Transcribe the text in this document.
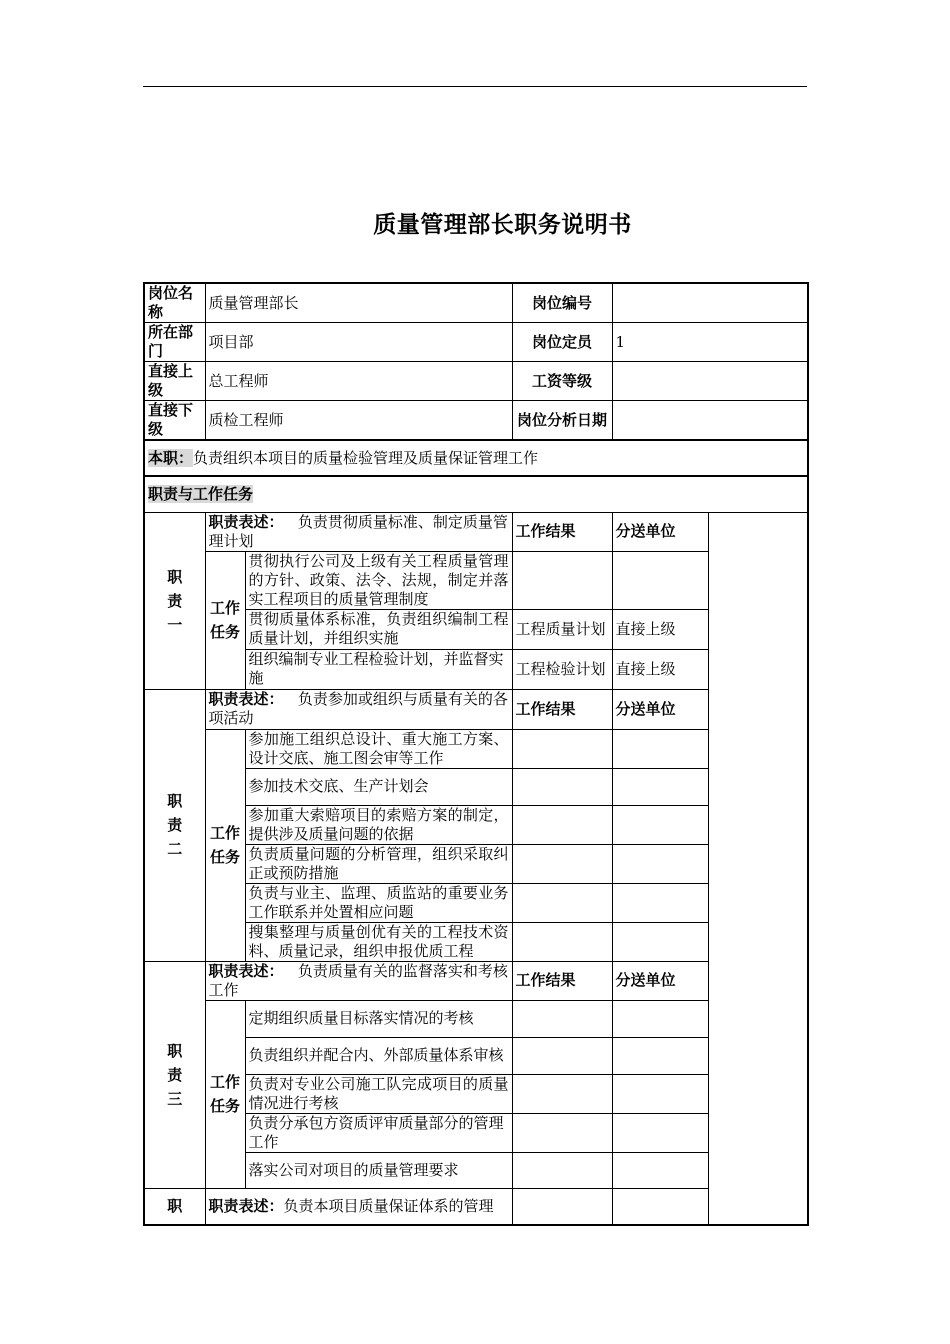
质量管理部长职务说明书
岗位名称	质量管理部长		岗位编号	
所在部门	项目部		岗位定员	1
直接上级	总工程师		工资等级	
直接下级	质检工程师		岗位分析日期	
本职：负责组织本项目的质量检验管理及质量保证管理工作				
职责与工作任务				

职
责
一	职责表述： 负责贯彻质量标准、制定质量管理计划		工作结果	分送单位

	工作
任务	贯彻执行公司及上级有关工程质量管理的方针、政策、法令、法规，制定并落实工程项目的质量管理制度		
		贯彻质量体系标准，负责组织编制工程质量计划，并组织实施	工程质量计划	直接上级
		组织编制专业工程检验计划，并监督实施	工程检验计划	直接上级

职
责
二	职责表述： 负责参加或组织与质量有关的各项活动		工作结果	分送单位

	工作
任务	参加施工组织总设计、重大施工方案、设计交底、施工图会审等工作		
		参加技术交底、生产计划会		
		参加重大索赔项目的索赔方案的制定，提供涉及质量问题的依据		
		负责质量问题的分析管理，组织采取纠正或预防措施		
		负责与业主、监理、质监站的重要业务工作联系并处置相应问题		
		搜集整理与质量创优有关的工程技术资料、质量记录，组织申报优质工程		

职
责
三	职责表述： 负责质量有关的监督落实和考核工作		工作结果	分送单位

	工作
任务	定期组织质量目标落实情况的考核		
		负责组织并配合内、外部质量体系审核		
		负责对专业公司施工队完成项目的质量情况进行考核		
		负责分承包方资质评审质量部分的管理工作		
		落实公司对项目的质量管理要求		

职	职责表述：负责本项目质量保证体系的管理		
